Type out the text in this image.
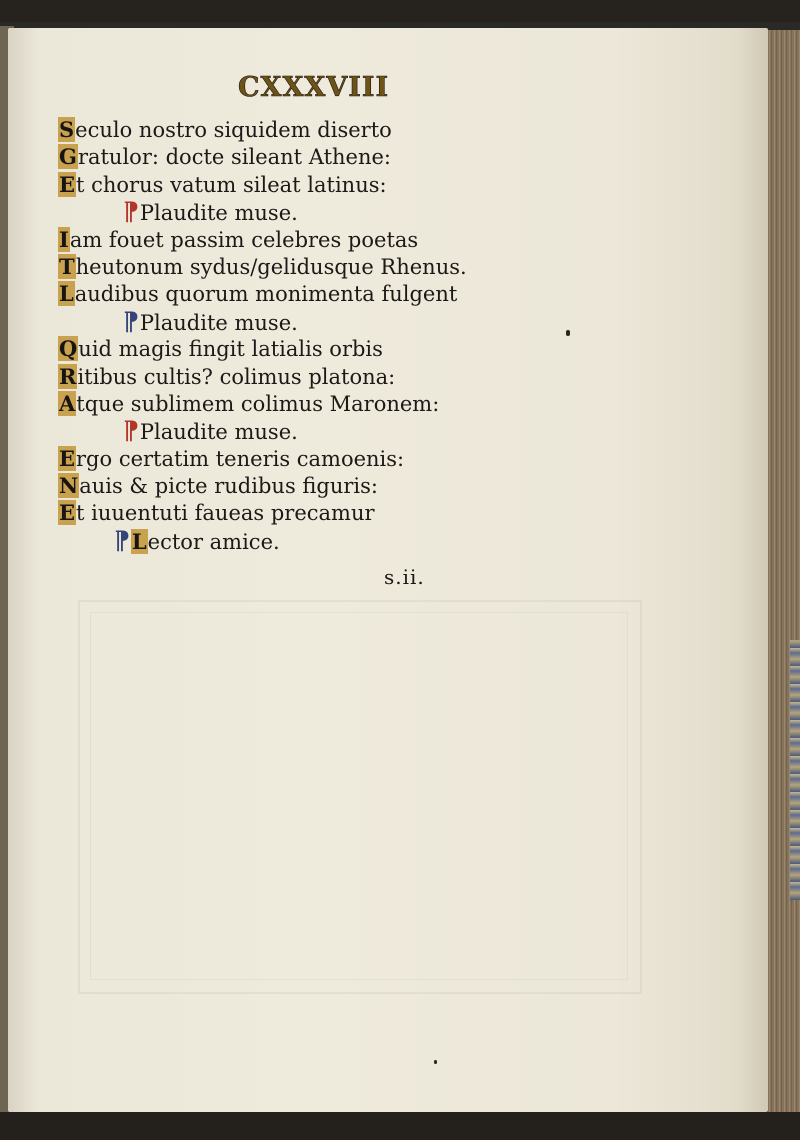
CXXXVIII
Seculo nostro siquidem diserto
Gratulor: docte sileant Athene:
Et chorus vatum sileat latinus:
⁋Plaudite muse.
Iam fouet passim celebres poetas
Theutonum sydus/gelidusque Rhenus.
Laudibus quorum monimenta fulgent
⁋Plaudite muse.
Quid magis fingit latialis orbis
Ritibus cultis? colimus platona:
Atque sublimem colimus Maronem:
⁋Plaudite muse.
Ergo certatim teneris camoenis:
Nauis & picte rudibus figuris:
Et iuuentuti faueas precamur
⁋Lector amice.

s.ii.
